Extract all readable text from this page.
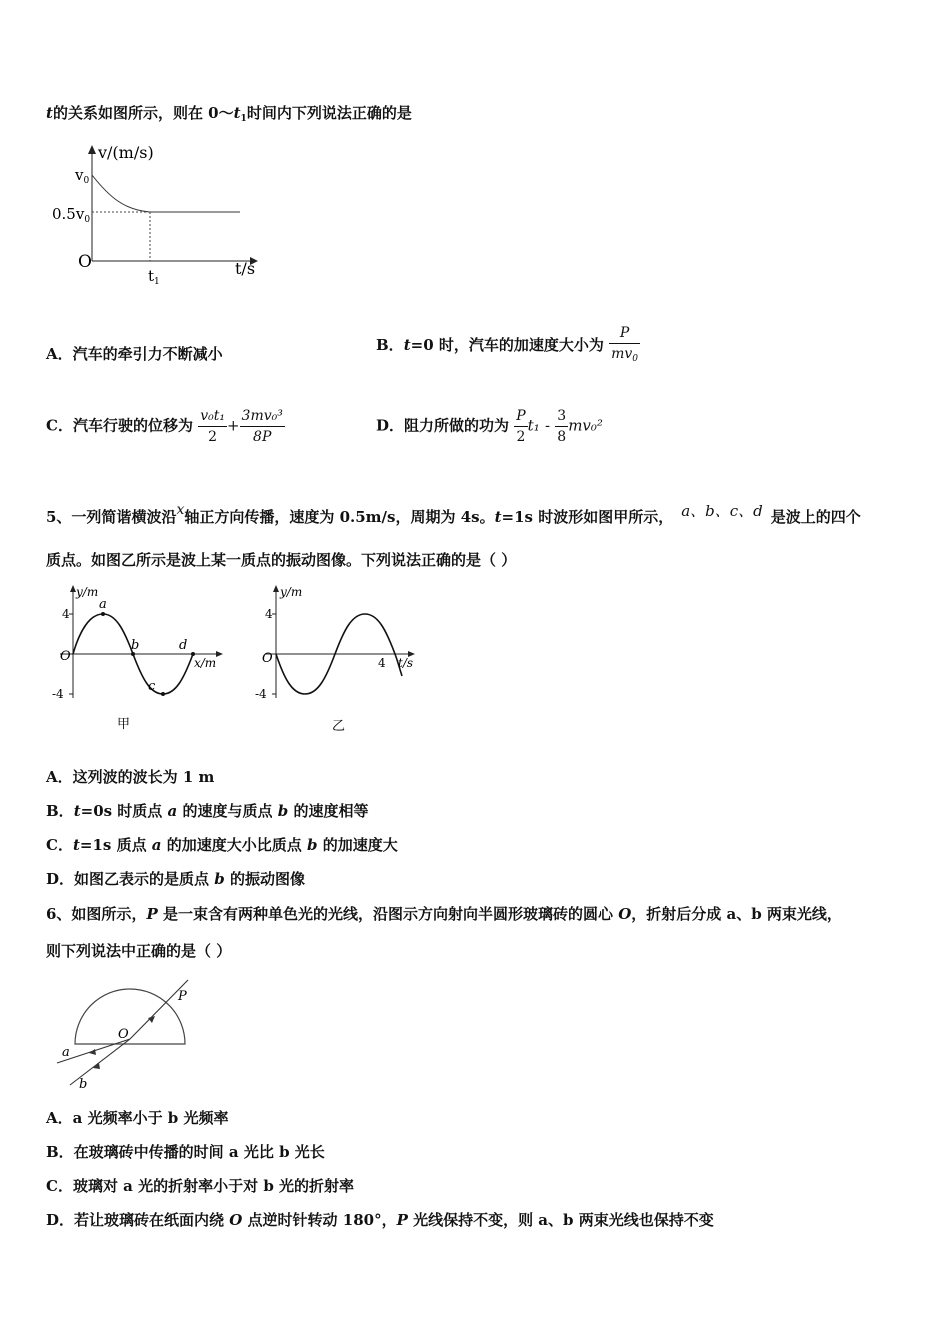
t的关系如图所示，则在 $0\sim t_1$时间内下列说法正确的是
v/(m/s)
$v_0$
$0.5v_0$
O	t/s
$t_1$
A．汽车的牵引力不断减小	B．t=0 时，汽车的加速度大小为 $\frac{P}{mv_0}$
C．汽车行驶的位移为 $\frac{\text{v₀t₁}}{2} + \frac{\text{3mv₀³}}{8P}$	D．阻力所做的功为 $\frac{P}{2} t_1 - \frac{3}{8} mv_0^2$
5、一列简谐横波沿x轴正方向传播，速度为 0.5m/s，周期为 4s。t=1s 时波形如图甲所示， a、b、c、d 是波上的四个
质点。如图乙所示是波上某一质点的振动图像。下列说法正确的是（ ）
y/m
4
-4
O	x/m
a
b
c
d
甲
y/m
4
-4
O	4 t/s
乙
A．这列波的波长为 1 m
B．t=0s 时质点 a 的速度与质点 b 的速度相等
C．t=1s 质点 a 的加速度大小比质点 b 的加速度大
D．如图乙表示的是质点 b 的振动图像
6、如图所示，P 是一束含有两种单色光的光线，沿图示方向射向半圆形玻璃砖的圆心 O，折射后分成 a、b 两束光线，
则下列说法中正确的是（ ）
P
O
a
b
A．a 光频率小于 b 光频率
B．在玻璃砖中传播的时间 a 光比 b 光长
C．玻璃对 a 光的折射率小于对 b 光的折射率
D．若让玻璃砖在纸面内绕 O 点逆时针转动 180°，P 光线保持不变，则 a、b 两束光线也保持不变
